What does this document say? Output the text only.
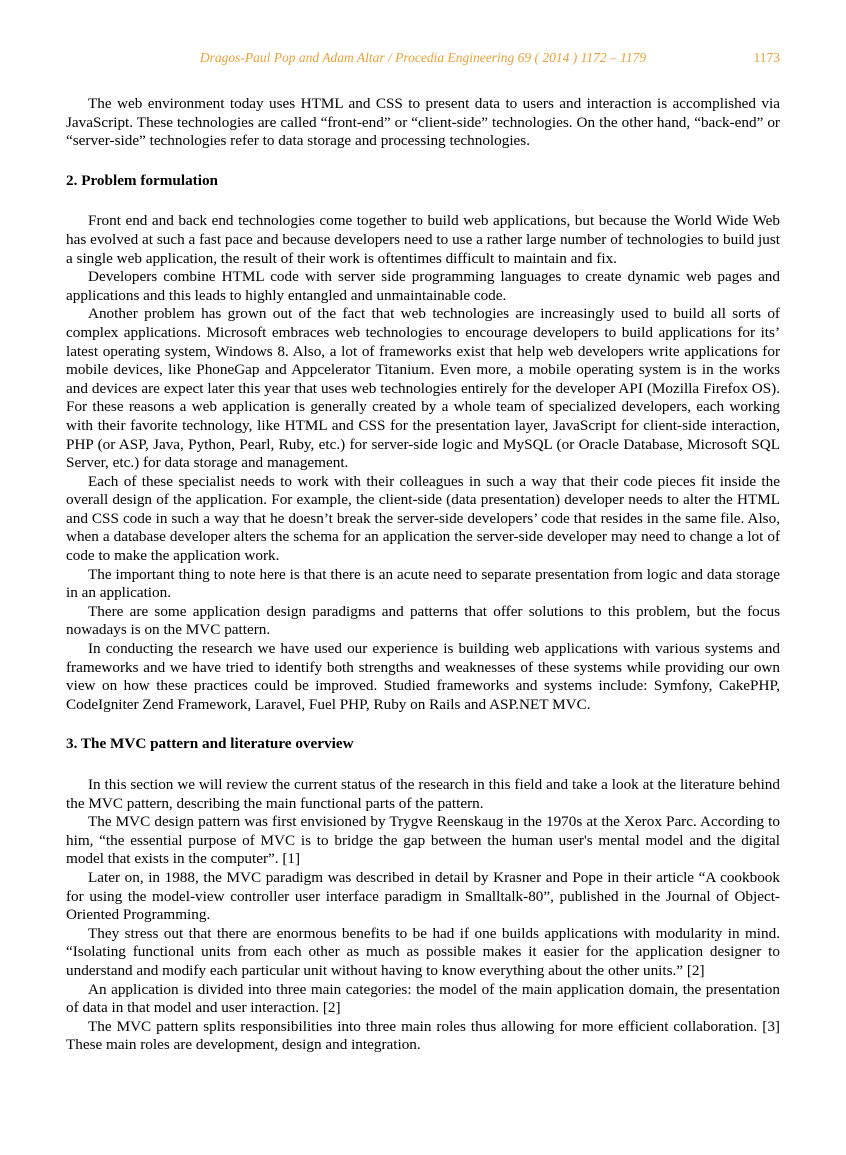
Dragos-Paul Pop and Adam Altar / Procedia Engineering 69 ( 2014 ) 1172 – 1179	1173

The web environment today uses HTML and CSS to present data to users and interaction is accomplished via JavaScript. These technologies are called “front-end” or “client-side” technologies. On the other hand, “back-end” or “server-side” technologies refer to data storage and processing technologies.

2. Problem formulation

Front end and back end technologies come together to build web applications, but because the World Wide Web has evolved at such a fast pace and because developers need to use a rather large number of technologies to build just a single web application, the result of their work is oftentimes difficult to maintain and fix.

Developers combine HTML code with server side programming languages to create dynamic web pages and applications and this leads to highly entangled and unmaintainable code.

Another problem has grown out of the fact that web technologies are increasingly used to build all sorts of complex applications. Microsoft embraces web technologies to encourage developers to build applications for its’ latest operating system, Windows 8. Also, a lot of frameworks exist that help web developers write applications for mobile devices, like PhoneGap and Appcelerator Titanium. Even more, a mobile operating system is in the works and devices are expect later this year that uses web technologies entirely for the developer API (Mozilla Firefox OS). For these reasons a web application is generally created by a whole team of specialized developers, each working with their favorite technology, like HTML and CSS for the presentation layer, JavaScript for client-side interaction, PHP (or ASP, Java, Python, Pearl, Ruby, etc.) for server-side logic and MySQL (or Oracle Database, Microsoft SQL Server, etc.) for data storage and management.

Each of these specialist needs to work with their colleagues in such a way that their code pieces fit inside the overall design of the application. For example, the client-side (data presentation) developer needs to alter the HTML and CSS code in such a way that he doesn’t break the server-side developers’ code that resides in the same file. Also, when a database developer alters the schema for an application the server-side developer may need to change a lot of code to make the application work.

The important thing to note here is that there is an acute need to separate presentation from logic and data storage in an application.

There are some application design paradigms and patterns that offer solutions to this problem, but the focus nowadays is on the MVC pattern.

In conducting the research we have used our experience is building web applications with various systems and frameworks and we have tried to identify both strengths and weaknesses of these systems while providing our own view on how these practices could be improved. Studied frameworks and systems include: Symfony, CakePHP, CodeIgniter Zend Framework, Laravel, Fuel PHP, Ruby on Rails and ASP.NET MVC.

3. The MVC pattern and literature overview

In this section we will review the current status of the research in this field and take a look at the literature behind the MVC pattern, describing the main functional parts of the pattern.

The MVC design pattern was first envisioned by Trygve Reenskaug in the 1970s at the Xerox Parc. According to him, “the essential purpose of MVC is to bridge the gap between the human user's mental model and the digital model that exists in the computer”. [1]

Later on, in 1988, the MVC paradigm was described in detail by Krasner and Pope in their article “A cookbook for using the model-view controller user interface paradigm in Smalltalk-80”, published in the Journal of Object-Oriented Programming.

They stress out that there are enormous benefits to be had if one builds applications with modularity in mind. “Isolating functional units from each other as much as possible makes it easier for the application designer to understand and modify each particular unit without having to know everything about the other units.” [2]

An application is divided into three main categories: the model of the main application domain, the presentation of data in that model and user interaction. [2]

The MVC pattern splits responsibilities into three main roles thus allowing for more efficient collaboration. [3] These main roles are development, design and integration.
